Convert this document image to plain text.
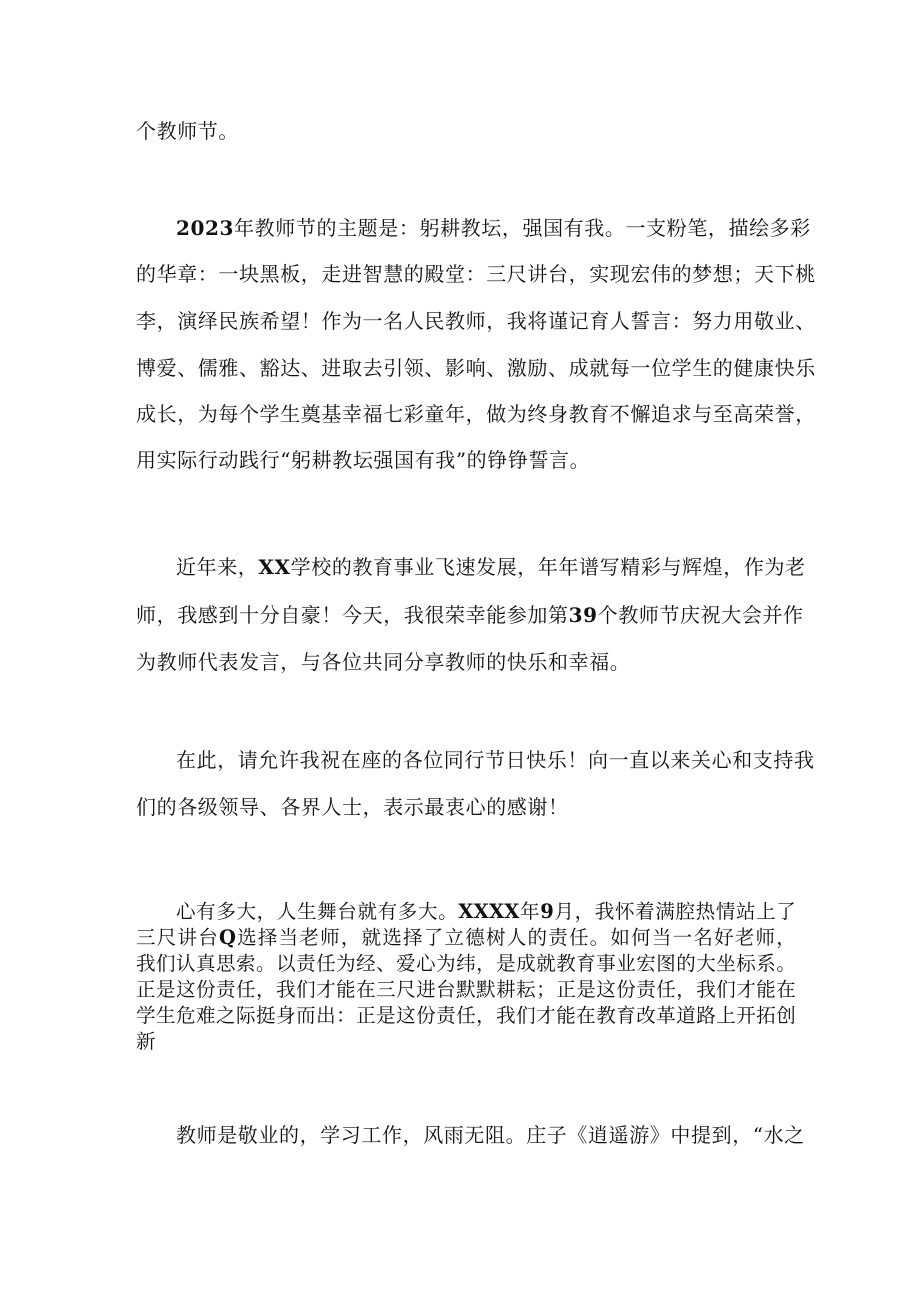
个教师节。

2023年教师节的主题是：躬耕教坛，强国有我。一支粉笔，描绘多彩

的华章：一块黑板，走进智慧的殿堂：三尺讲台，实现宏伟的梦想；天下桃

李，演绎民族希望！作为一名人民教师，我将谨记育人誓言：努力用敬业、

博爱、儒雅、豁达、进取去引领、影响、激励、成就每一位学生的健康快乐

成长，为每个学生奠基幸福七彩童年，做为终身教育不懈追求与至高荣誉，

用实际行动践行“躬耕教坛强国有我”的铮铮誓言。

近年来，XX学校的教育事业飞速发展，年年谱写精彩与辉煌，作为老

师，我感到十分自豪！今天，我很荣幸能参加第39个教师节庆祝大会并作

为教师代表发言，与各位共同分享教师的快乐和幸福。

在此，请允许我祝在座的各位同行节日快乐！向一直以来关心和支持我

们的各级领导、各界人士，表示最衷心的感谢！

心有多大，人生舞台就有多大。XXXX年9月，我怀着满腔热情站上了

三尺讲台Q选择当老师，就选择了立德树人的责任。如何当一名好老师，

我们认真思索。以责任为经、爱心为纬，是成就教育事业宏图的大坐标系。

正是这份责任，我们才能在三尺进台默默耕耘；正是这份责任，我们才能在

学生危难之际挺身而出：正是这份责任，我们才能在教育改革道路上开拓创

新

教师是敬业的，学习工作，风雨无阻。庄子《逍遥游》中提到，“水之
